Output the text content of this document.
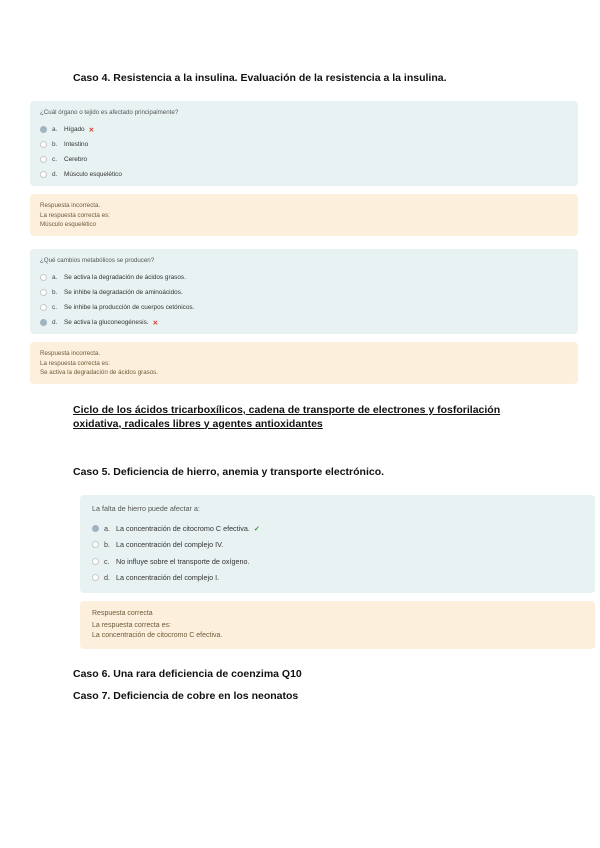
Caso 4. Resistencia a la insulina. Evaluación de la resistencia a la insulina.
¿Cuál órgano o tejido es afectado principalmente?
a.	Hígado ✕
b.	Intestino
c.	Cerebro
d.	Músculo esquelético
Respuesta incorrecta.
La respuesta correcta es:
Músculo esquelético
¿Qué cambios metabólicos se producen?
a.	Se activa la degradación de ácidos grasos.
b.	Se inhibe la degradación de aminoácidos.
c.	Se inhibe la producción de cuerpos cetónicos.
d.	Se activa la gluconeogénesis. ✕
Respuesta incorrecta.
La respuesta correcta es:
Se activa la degradación de ácidos grasos.
Ciclo de los ácidos tricarboxílicos, cadena de transporte de electrones y fosforilación oxidativa, radicales libres y agentes antioxidantes
Caso 5. Deficiencia de hierro, anemia y transporte electrónico.
La falta de hierro puede afectar a:
a. La concentración de citocromo C efectiva. ✓
b. La concentración del complejo IV.
c. No influye sobre el transporte de oxígeno.
d. La concentración del complejo I.
Respuesta correcta
La respuesta correcta es:
La concentración de citocromo C efectiva.
Caso 6. Una rara deficiencia de coenzima Q10
Caso 7. Deficiencia de cobre en los neonatos
